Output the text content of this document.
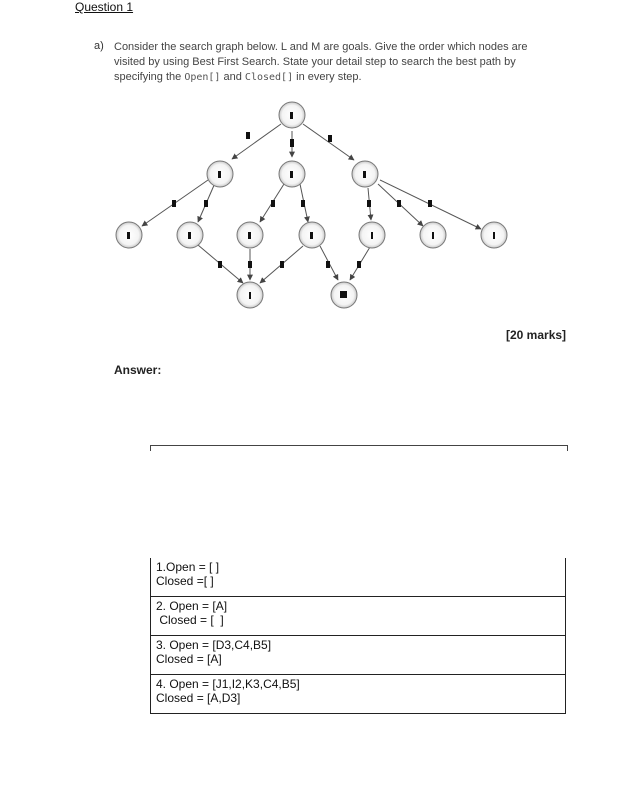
Question 1
a) Consider the search graph below. L and M are goals. Give the order which nodes are
visited by using Best First Search. State your detail step to search the best path by
specifying the Open[] and Closed[] in every step.
[20 marks]
Answer:
1.Open = [ ]
Closed =[ ]

2. Open = [A]
Closed = [  ]

3. Open = [D3,C4,B5]
Closed = [A]

4. Open = [J1,I2,K3,C4,B5]
Closed = [A,D3]
